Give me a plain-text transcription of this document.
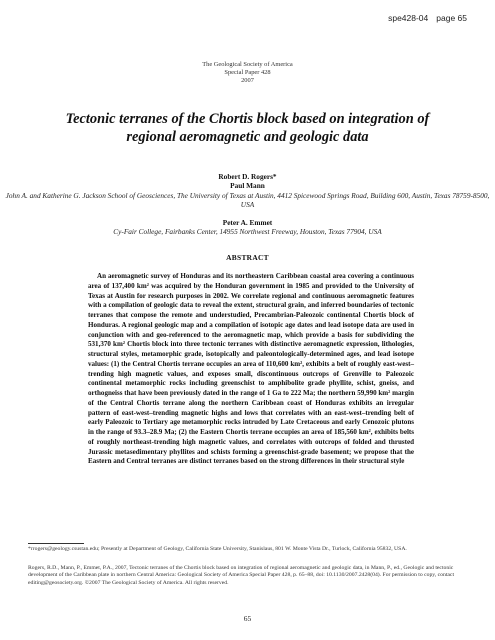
spe428-04 page 65
The Geological Society of America
Special Paper 428
2007
Tectonic terranes of the Chortis block based on integration of regional aeromagnetic and geologic data
Robert D. Rogers*
Paul Mann
John A. and Katherine G. Jackson School of Geosciences, The University of Texas at Austin, 4412 Spicewood Springs Road, Building 600, Austin, Texas 78759-8500, USA
Peter A. Emmet
Cy-Fair College, Fairbanks Center, 14955 Northwest Freeway, Houston, Texas 77904, USA
ABSTRACT

An aeromagnetic survey of Honduras and its northeastern Caribbean coastal area covering a continuous area of 137,400 km² was acquired by the Honduran government in 1985 and provided to the University of Texas at Austin for research purposes in 2002. We correlate regional and continuous aeromagnetic features with a compilation of geologic data to reveal the extent, structural grain, and inferred boundaries of tectonic terranes that compose the remote and understudied, Precambrian-Paleozoic continental Chortis block of Honduras. A regional geologic map and a compilation of isotopic age dates and lead isotope data are used in conjunction with and geo-referenced to the aeromagnetic map, which provide a basis for subdividing the 531,370 km² Chortis block into three tectonic terranes with distinctive aeromagnetic expression, lithologies, structural styles, metamorphic grade, isotopically and paleontologically-determined ages, and lead isotope values: (1) the Central Chortis terrane occupies an area of 110,600 km², exhibits a belt of roughly east-west–trending high magnetic values, and exposes small, discontinuous outcrops of Grenville to Paleozoic continental metamorphic rocks including greenschist to amphibolite grade phyllite, schist, gneiss, and orthogneiss that have been previously dated in the range of 1 Ga to 222 Ma; the northern 59,990 km² margin of the Central Chortis terrane along the northern Caribbean coast of Honduras exhibits an irregular pattern of east-west–trending magnetic highs and lows that correlates with an east-west–trending belt of early Paleozoic to Tertiary age metamorphic rocks intruded by Late Cretaceous and early Cenozoic plutons in the range of 93.3–28.9 Ma; (2) the Eastern Chortis terrane occupies an area of 185,560 km², exhibits belts of roughly northeast-trending high magnetic values, and correlates with outcrops of folded and thrusted Jurassic metasedimentary phyllites and schists forming a greenschist-grade basement; we propose that the Eastern and Central terranes are distinct terranes based on the strong differences in their structural style

*rrogers@geology.csustan.edu; Presently at Department of Geology, California State University, Stanislaus, 801 W. Monte Vista Dr., Turlock, California 95832, USA.

Rogers, R.D., Mann, P., Emmet, P.A., 2007, Tectonic terranes of the Chortis block based on integration of regional aeromagnetic and geologic data, in Mann, P., ed., Geologic and tectonic development of the Caribbean plate in northern Central America: Geological Society of America Special Paper 428, p. 65–88, doi: 10.1130/2007.2428(04). For permission to copy, contact editing@geosociety.org. ©2007 The Geological Society of America. All rights reserved.

65
